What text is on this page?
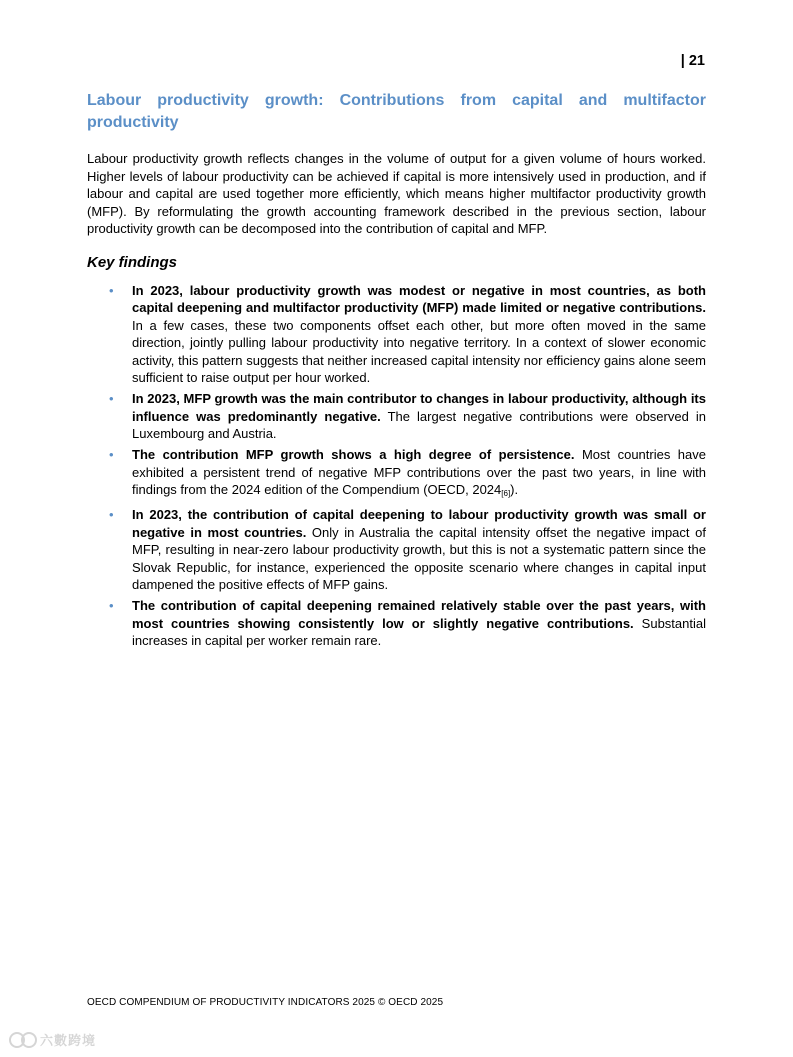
| 21
Labour productivity growth: Contributions from capital and multifactor productivity

Labour productivity growth reflects changes in the volume of output for a given volume of hours worked. Higher levels of labour productivity can be achieved if capital is more intensively used in production, and if labour and capital are used together more efficiently, which means higher multifactor productivity growth (MFP). By reformulating the growth accounting framework described in the previous section, labour productivity growth can be decomposed into the contribution of capital and MFP.

Key findings
• In 2023, labour productivity growth was modest or negative in most countries, as both capital deepening and multifactor productivity (MFP) made limited or negative contributions. In a few cases, these two components offset each other, but more often moved in the same direction, jointly pulling labour productivity into negative territory. In a context of slower economic activity, this pattern suggests that neither increased capital intensity nor efficiency gains alone seem sufficient to raise output per hour worked.
• In 2023, MFP growth was the main contributor to changes in labour productivity, although its influence was predominantly negative. The largest negative contributions were observed in Luxembourg and Austria.
• The contribution MFP growth shows a high degree of persistence. Most countries have exhibited a persistent trend of negative MFP contributions over the past two years, in line with findings from the 2024 edition of the Compendium (OECD, 2024[6]).
• In 2023, the contribution of capital deepening to labour productivity growth was small or negative in most countries. Only in Australia the capital intensity offset the negative impact of MFP, resulting in near-zero labour productivity growth, but this is not a systematic pattern since the Slovak Republic, for instance, experienced the opposite scenario where changes in capital input dampened the positive effects of MFP gains.
• The contribution of capital deepening remained relatively stable over the past years, with most countries showing consistently low or slightly negative contributions. Substantial increases in capital per worker remain rare.
OECD COMPENDIUM OF PRODUCTIVITY INDICATORS 2025 © OECD 2025
六數跨境
